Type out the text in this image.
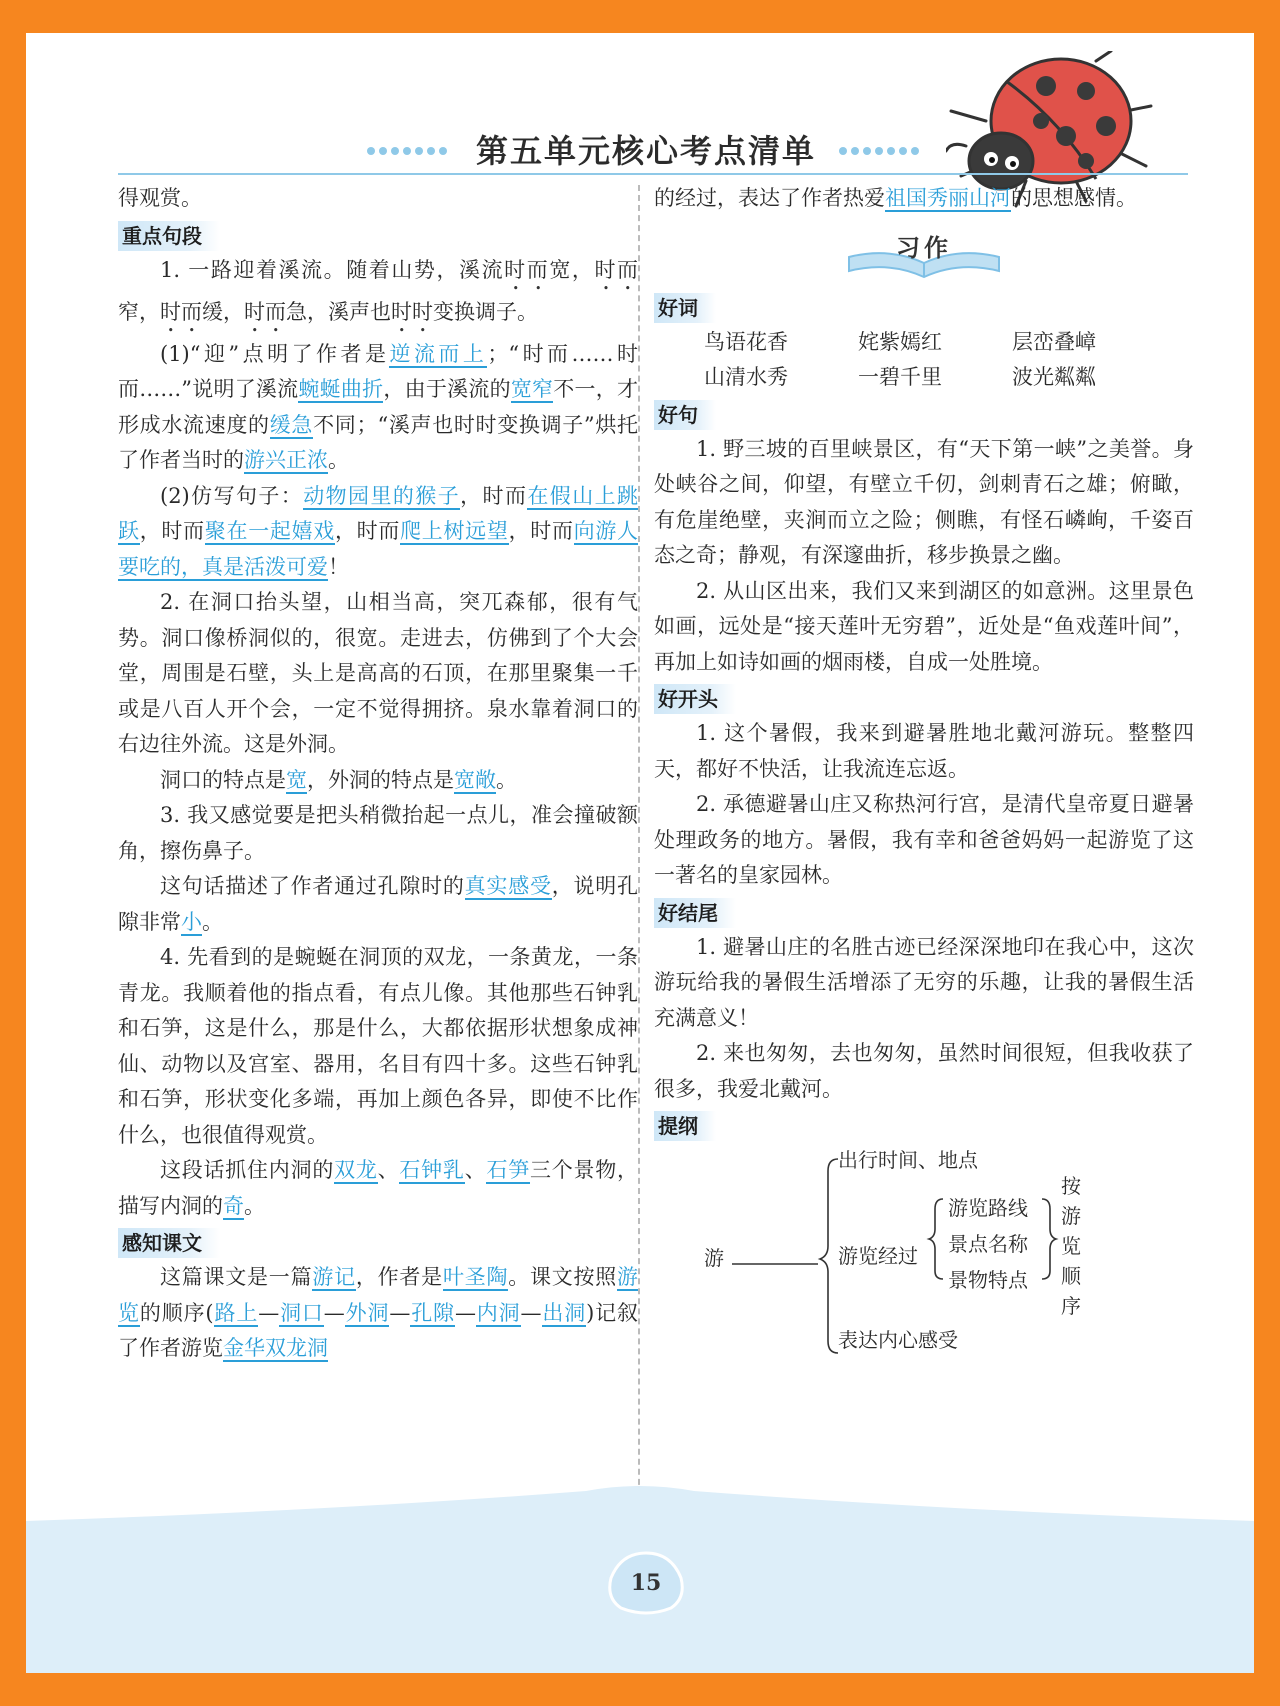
第五单元核心考点清单

得观赏。

重点句段

1. 一路迎着溪流。随着山势，溪流时而宽，时而窄，时而缓，时而急，溪声也时时变换调子。

(1)“迎”点明了作者是逆流而上；“时而……时而……”说明了溪流蜿蜒曲折，由于溪流的宽窄不一，才形成水流速度的缓急不同；“溪声也时时变换调子”烘托了作者当时的游兴正浓。

(2)仿写句子：动物园里的猴子，时而在假山上跳跃，时而聚在一起嬉戏，时而爬上树远望，时而向游人要吃的，真是活泼可爱！

2. 在洞口抬头望，山相当高，突兀森郁，很有气势。洞口像桥洞似的，很宽。走进去，仿佛到了个大会堂，周围是石壁，头上是高高的石顶，在那里聚集一千或是八百人开个会，一定不觉得拥挤。泉水靠着洞口的右边往外流。这是外洞。

洞口的特点是宽，外洞的特点是宽敞。

3. 我又感觉要是把头稍微抬起一点儿，准会撞破额角，擦伤鼻子。

这句话描述了作者通过孔隙时的真实感受，说明孔隙非常小。

4. 先看到的是蜿蜒在洞顶的双龙，一条黄龙，一条青龙。我顺着他的指点看，有点儿像。其他那些石钟乳和石笋，这是什么，那是什么，大都依据形状想象成神仙、动物以及宫室、器用，名目有四十多。这些石钟乳和石笋，形状变化多端，再加上颜色各异，即使不比作什么，也很值得观赏。

这段话抓住内洞的双龙、石钟乳、石笋三个景物，描写内洞的奇。

感知课文

这篇课文是一篇游记，作者是叶圣陶。课文按照游览的顺序(路上—洞口—外洞—孔隙—内洞—出洞)记叙了作者游览金华双龙洞

的经过，表达了作者热爱祖国秀丽山河的思想感情。

习作
好词
鸟语花香	姹紫嫣红	层峦叠嶂
山清水秀	一碧千里	波光粼粼
好句

1. 野三坡的百里峡景区，有“天下第一峡”之美誉。身处峡谷之间，仰望，有壁立千仞，剑刺青石之雄；俯瞰，有危崖绝壁，夹涧而立之险；侧瞧，有怪石嶙峋，千姿百态之奇；静观，有深邃曲折，移步换景之幽。

2. 从山区出来，我们又来到湖区的如意洲。这里景色如画，远处是“接天莲叶无穷碧”，近处是“鱼戏莲叶间”，再加上如诗如画的烟雨楼，自成一处胜境。

好开头

1. 这个暑假，我来到避暑胜地北戴河游玩。整整四天，都好不快活，让我流连忘返。

2. 承德避暑山庄又称热河行宫，是清代皇帝夏日避暑处理政务的地方。暑假，我有幸和爸爸妈妈一起游览了这一著名的皇家园林。

好结尾

1. 避暑山庄的名胜古迹已经深深地印在我心中，这次游玩给我的暑假生活增添了无穷的乐趣，让我的暑假生活充满意义！

2. 来也匆匆，去也匆匆，虽然时间很短，但我收获了很多，我爱北戴河。

提纲
游
出行时间、地点
游览经过
游览路线
景点名称
景物特点
按
游
览
顺
序
表达内心感受
15
